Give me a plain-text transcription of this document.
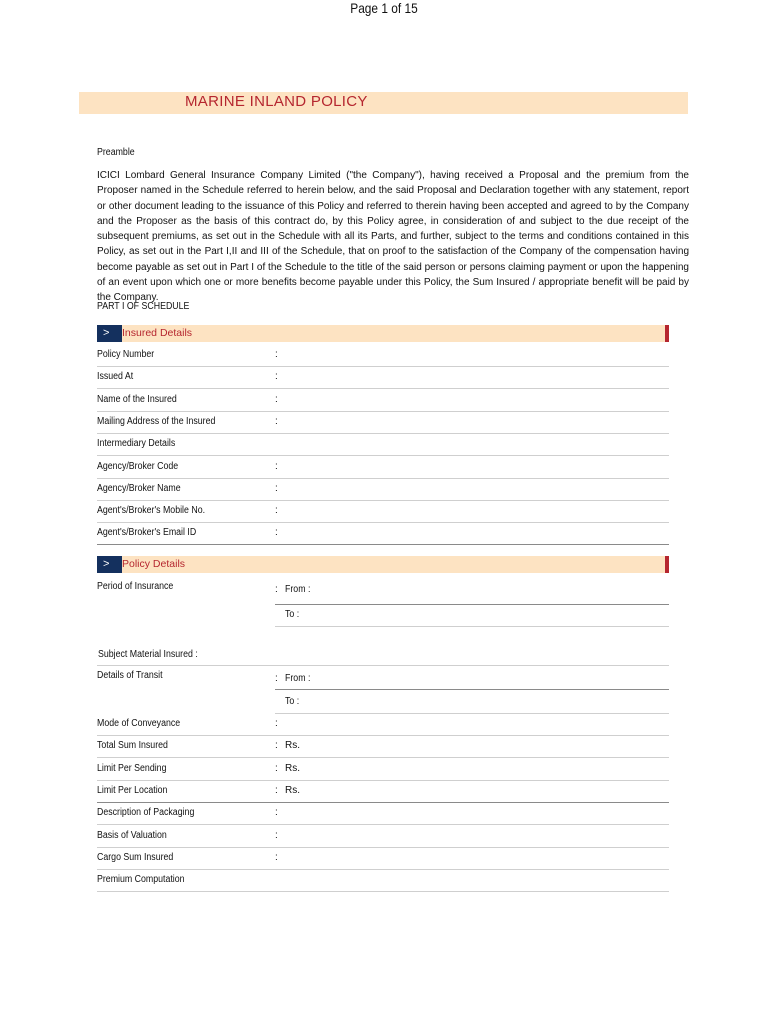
Page 1 of 15
MARINE INLAND POLICY
Preamble

ICICI Lombard General Insurance Company Limited ("the Company"), having received a Proposal and the premium from the Proposer named in the Schedule referred to herein below, and the said Proposal and Declaration together with any statement, report or other document leading to the issuance of this Policy and referred to therein having been accepted and agreed to by the Company and the Proposer as the basis of this contract do, by this Policy agree, in consideration of and subject to the due receipt of the subsequent premiums, as set out in the Schedule with all its Parts, and further, subject to the terms and conditions contained in this Policy, as set out in the Part I,II and III of the Schedule, that on proof to the satisfaction of the Company of the compensation having become payable as set out in Part I of the Schedule to the title of the said person or persons claiming payment or upon the happening of an event upon which one or more benefits become payable under this Policy, the Sum Insured / appropriate benefit will be paid by the Company.

PART I OF SCHEDULE
>	Insured Details
Policy Number	:
Issued At	:
Name of the Insured	:
Mailing Address of the Insured	:
Intermediary Details
Agency/Broker Code	:
Agency/Broker Name	:
Agent's/Broker's Mobile No.	:
Agent's/Broker's Email ID	:
>	Policy Details
Period of Insurance	: From :
To :
Subject Material Insured :
Details of Transit	: From :
To :
Mode of Conveyance	:
Total Sum Insured	: Rs.
Limit Per Sending	: Rs.
Limit Per Location	: Rs.
Description of Packaging	:
Basis of Valuation	:
Cargo Sum Insured	:
Premium Computation
